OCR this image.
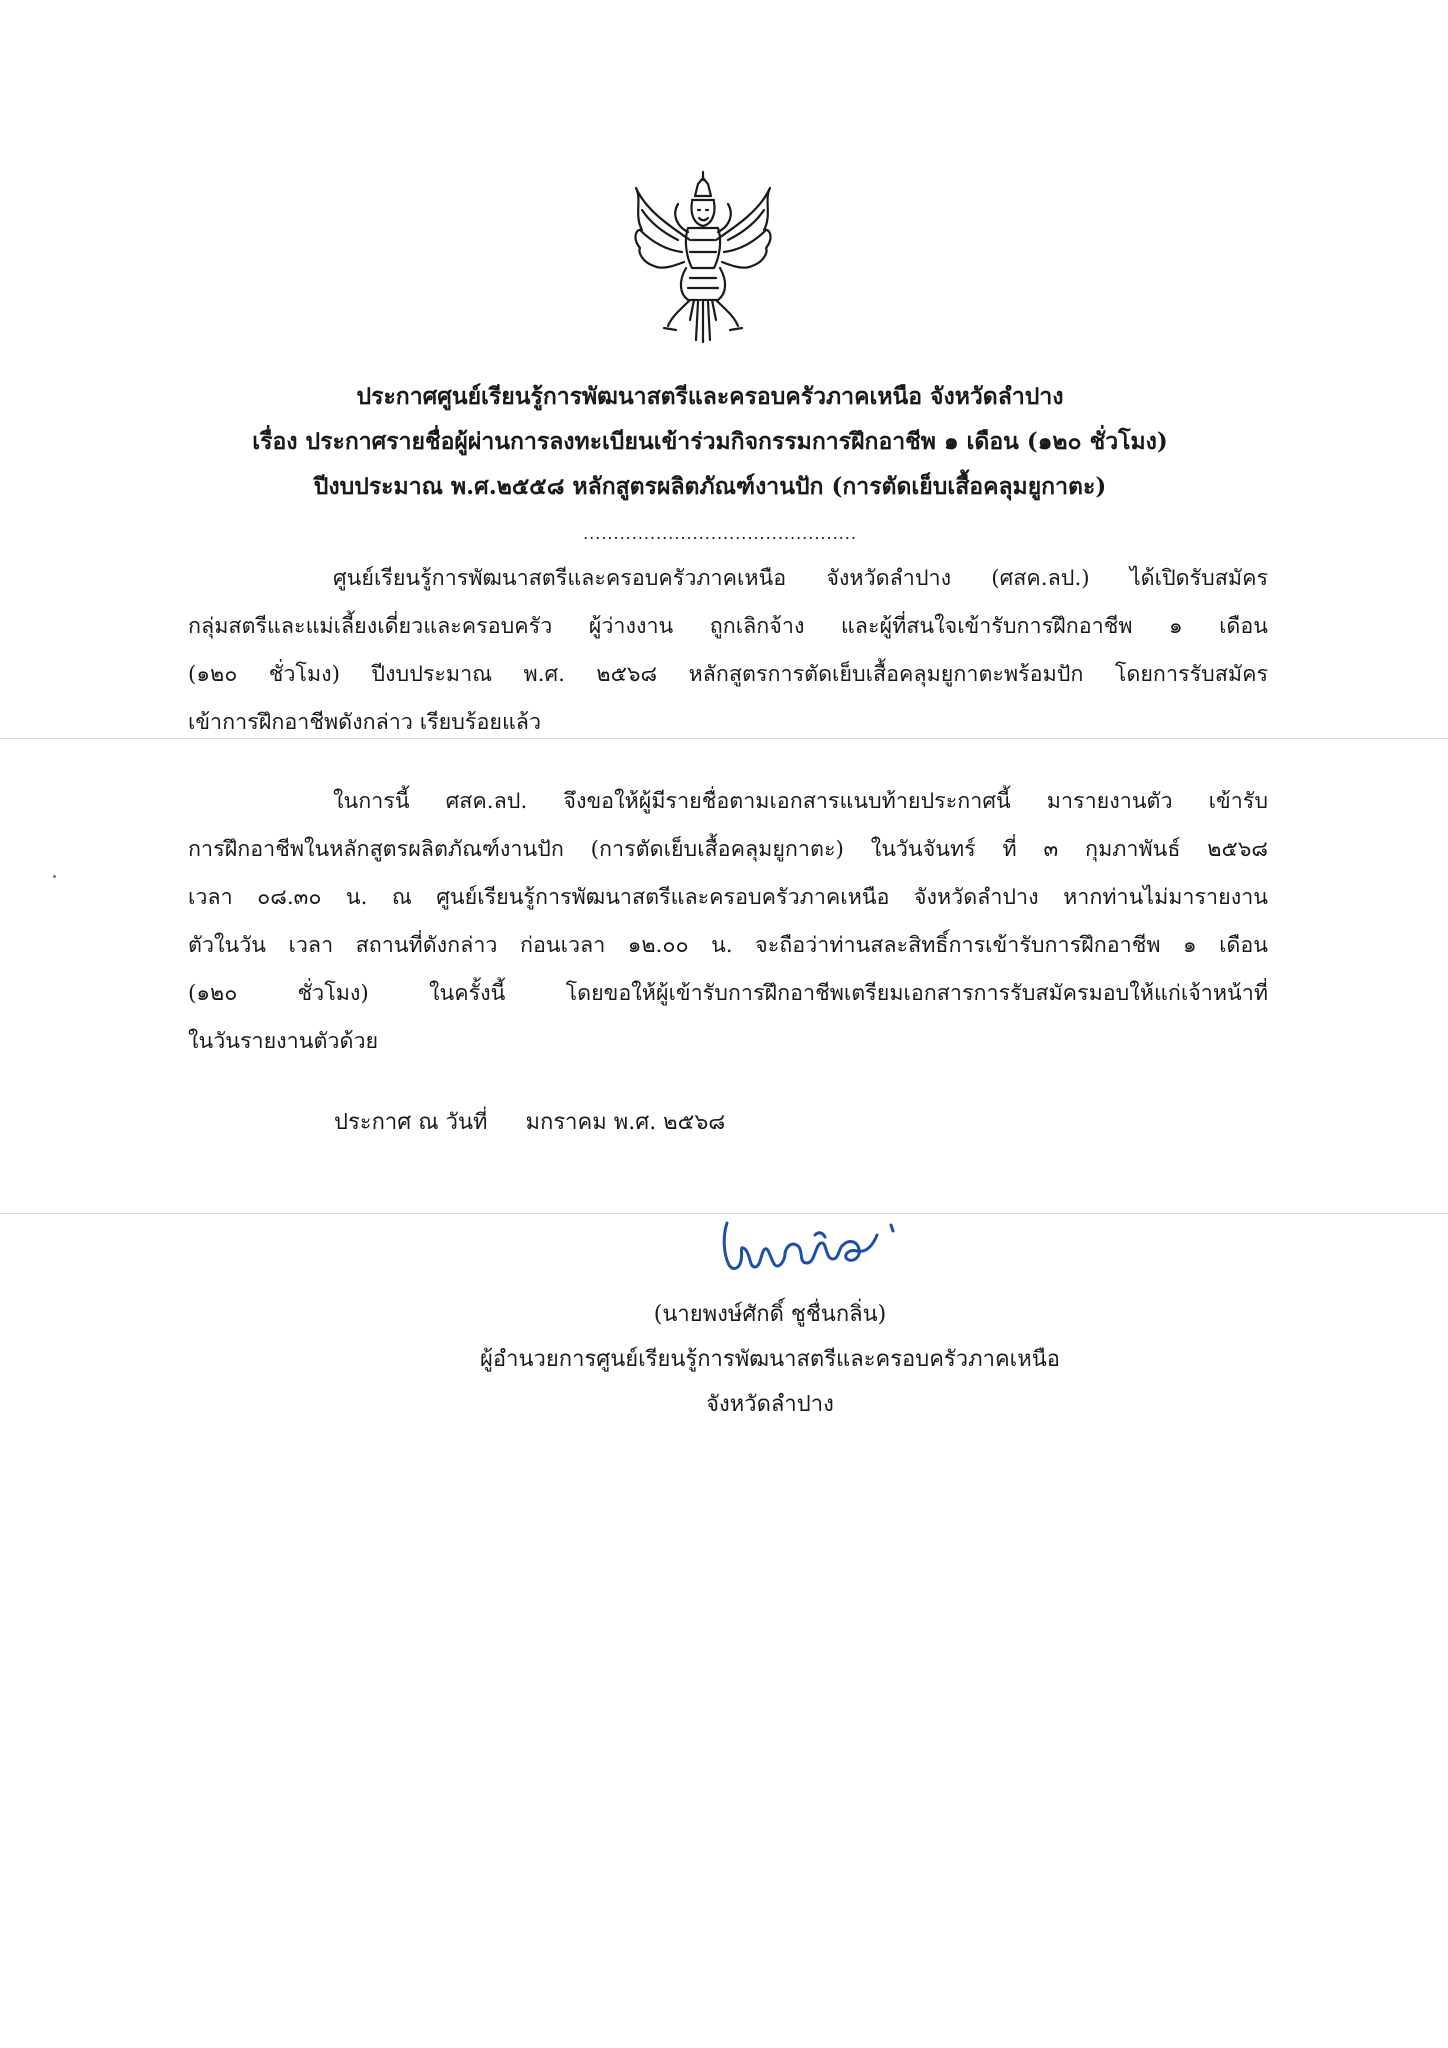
ประกาศศูนย์เรียนรู้การพัฒนาสตรีและครอบครัวภาคเหนือ จังหวัดลำปาง
เรื่อง ประกาศรายชื่อผู้ผ่านการลงทะเบียนเข้าร่วมกิจกรรมการฝึกอาชีพ ๑ เดือน (๑๒๐ ชั่วโมง)
ปีงบประมาณ พ.ศ.๒๕๕๘ หลักสูตรผลิตภัณฑ์งานปัก (การตัดเย็บเสื้อคลุมยูกาตะ)
.............................................
ศูนย์เรียนรู้การพัฒนาสตรีและครอบครัวภาคเหนือ จังหวัดลำปาง (ศสค.ลป.) ได้เปิดรับสมัคร
กลุ่มสตรีและแม่เลี้ยงเดี่ยวและครอบครัว ผู้ว่างงาน ถูกเลิกจ้าง และผู้ที่สนใจเข้ารับการฝึกอาชีพ ๑ เดือน
(๑๒๐ ชั่วโมง) ปีงบประมาณ พ.ศ. ๒๕๖๘ หลักสูตรการตัดเย็บเสื้อคลุมยูกาตะพร้อมปัก โดยการรับสมัคร
เข้าการฝึกอาชีพดังกล่าว เรียบร้อยแล้ว
ในการนี้ ศสค.ลป. จึงขอให้ผู้มีรายชื่อตามเอกสารแนบท้ายประกาศนี้ มารายงานตัว เข้ารับ
การฝึกอาชีพในหลักสูตรผลิตภัณฑ์งานปัก (การตัดเย็บเสื้อคลุมยูกาตะ) ในวันจันทร์ ที่ ๓ กุมภาพันธ์ ๒๕๖๘
เวลา ๐๘.๓๐ น. ณ ศูนย์เรียนรู้การพัฒนาสตรีและครอบครัวภาคเหนือ จังหวัดลำปาง หากท่านไม่มารายงาน
ตัวในวัน เวลา สถานที่ดังกล่าว ก่อนเวลา ๑๒.๐๐ น. จะถือว่าท่านสละสิทธิ์การเข้ารับการฝึกอาชีพ ๑ เดือน
(๑๒๐ ชั่วโมง) ในครั้งนี้ โดยขอให้ผู้เข้ารับการฝึกอาชีพเตรียมเอกสารการรับสมัครมอบให้แก่เจ้าหน้าที่
ในวันรายงานตัวด้วย
ประกาศ ณ วันที่ มกราคม พ.ศ. ๒๕๖๘
(นายพงษ์ศักดิ์ ชูชื่นกลิ่น)
ผู้อำนวยการศูนย์เรียนรู้การพัฒนาสตรีและครอบครัวภาคเหนือ
จังหวัดลำปาง
